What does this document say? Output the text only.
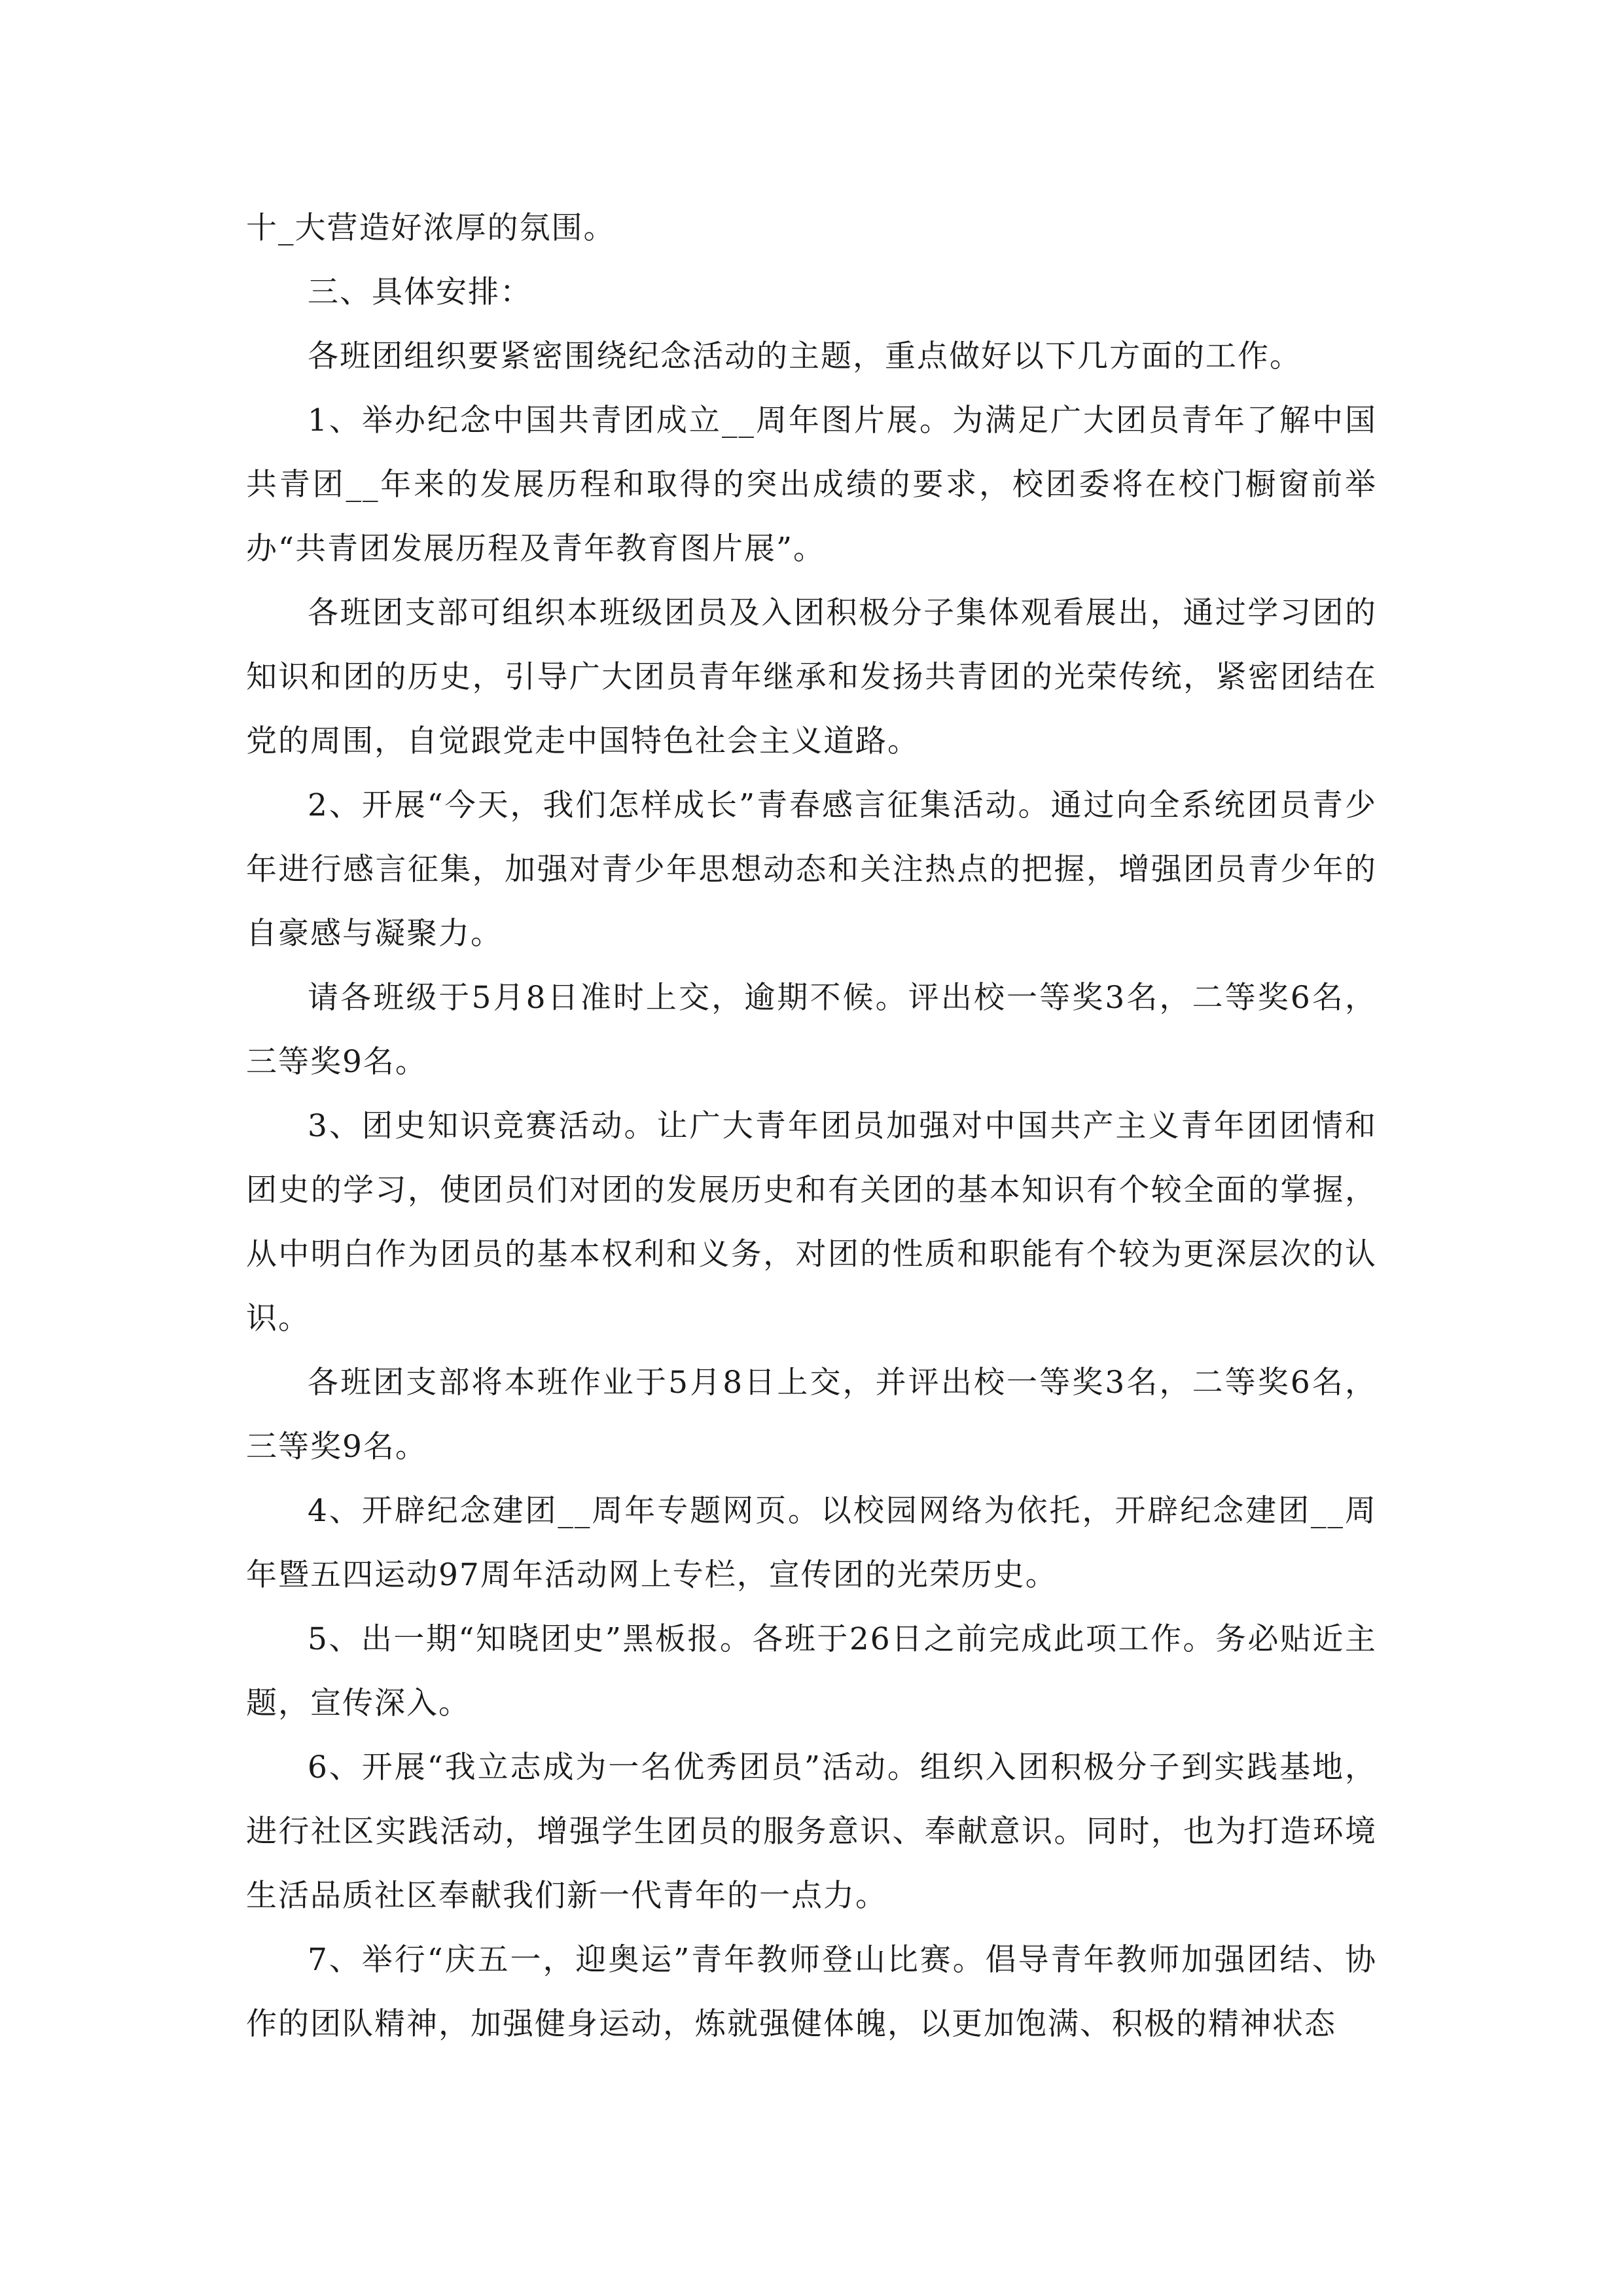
十_大营造好浓厚的氛围。

三、具体安排：

各班团组织要紧密围绕纪念活动的主题，重点做好以下几方面的工作。

1、举办纪念中国共青团成立__周年图片展。为满足广大团员青年了解中国共青团__年来的发展历程和取得的突出成绩的要求，校团委将在校门橱窗前举办“共青团发展历程及青年教育图片展”。

各班团支部可组织本班级团员及入团积极分子集体观看展出，通过学习团的知识和团的历史，引导广大团员青年继承和发扬共青团的光荣传统，紧密团结在党的周围，自觉跟党走中国特色社会主义道路。

2、开展“今天，我们怎样成长”青春感言征集活动。通过向全系统团员青少年进行感言征集，加强对青少年思想动态和关注热点的把握，增强团员青少年的自豪感与凝聚力。

请各班级于5月8日准时上交，逾期不候。评出校一等奖3名，二等奖6名，三等奖9名。

3、团史知识竞赛活动。让广大青年团员加强对中国共产主义青年团团情和团史的学习，使团员们对团的发展历史和有关团的基本知识有个较全面的掌握，从中明白作为团员的基本权利和义务，对团的性质和职能有个较为更深层次的认识。

各班团支部将本班作业于5月8日上交，并评出校一等奖3名，二等奖6名，三等奖9名。

4、开辟纪念建团__周年专题网页。以校园网络为依托，开辟纪念建团__周年暨五四运动97周年活动网上专栏，宣传团的光荣历史。

5、出一期“知晓团史”黑板报。各班于26日之前完成此项工作。务必贴近主题，宣传深入。

6、开展“我立志成为一名优秀团员”活动。组织入团积极分子到实践基地，进行社区实践活动，增强学生团员的服务意识、奉献意识。同时，也为打造环境生活品质社区奉献我们新一代青年的一点力。

7、举行“庆五一，迎奥运”青年教师登山比赛。倡导青年教师加强团结、协作的团队精神，加强健身运动，炼就强健体魄，以更加饱满、积极的精神状态
